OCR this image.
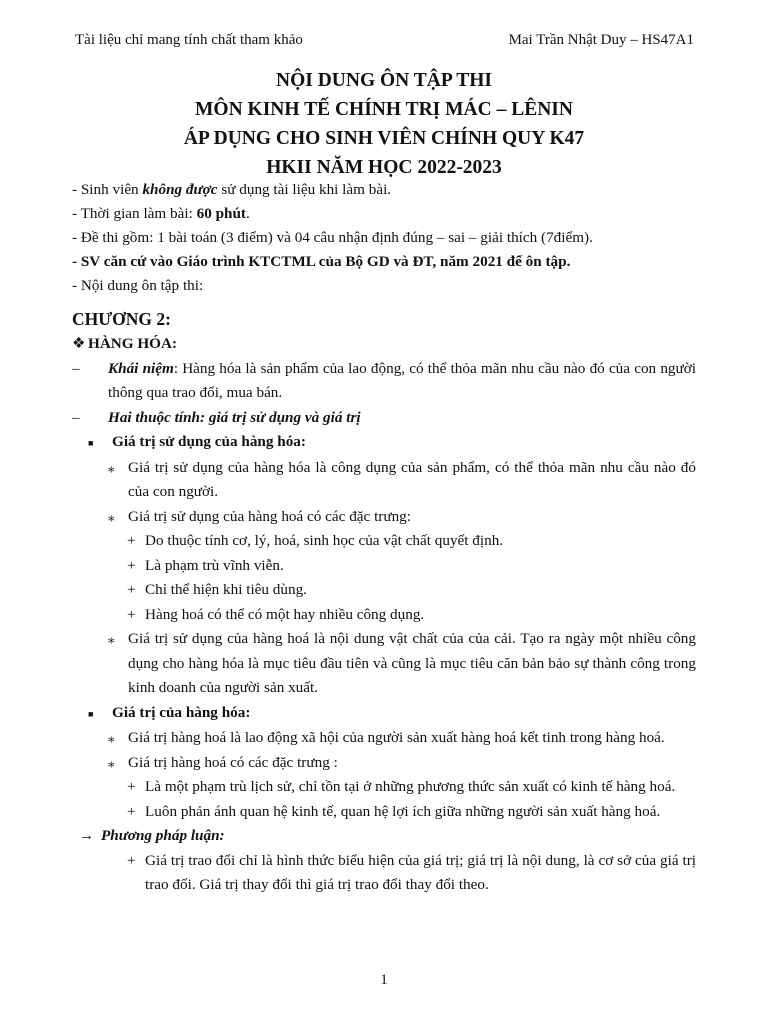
Tài liệu chỉ mang tính chất tham khảo	Mai Trần Nhật Duy – HS47A1
NỘI DUNG ÔN TẬP THI
MÔN KINH TẾ CHÍNH TRỊ MÁC – LÊNIN
ÁP DỤNG CHO SINH VIÊN CHÍNH QUY K47
HKII NĂM HỌC 2022-2023
- Sinh viên không được sử dụng tài liệu khi làm bài.
- Thời gian làm bài: 60 phút.
- Đề thi gồm: 1 bài toán (3 điểm) và 04 câu nhận định đúng – sai – giải thích (7điểm).
- SV căn cứ vào Giáo trình KTCTML của Bộ GD và ĐT, năm 2021 để ôn tập.
- Nội dung ôn tập thi:
CHƯƠNG 2:
❖ HÀNG HÓA:
–	Khái niệm: Hàng hóa là sản phẩm của lao động, có thể thỏa mãn nhu cầu nào đó của con người thông qua trao đổi, mua bán.
–	Hai thuộc tính: giá trị sử dụng và giá trị
■	Giá trị sử dụng của hàng hóa:
⁎ Giá trị sử dụng của hàng hóa là công dụng của sản phẩm, có thể thỏa mãn nhu cầu nào đó của con người.
⁎ Giá trị sử dụng của hàng hoá có các đặc trưng:
+ Do thuộc tính cơ, lý, hoá, sinh học của vật chất quyết định.
+ Là phạm trù vĩnh viễn.
+ Chỉ thể hiện khi tiêu dùng.
+ Hàng hoá có thể có một hay nhiều công dụng.
⁎ Giá trị sử dụng của hàng hoá là nội dung vật chất của của cải. Tạo ra ngày một nhiều công dụng cho hàng hóa là mục tiêu đầu tiên và cũng là mục tiêu căn bản bảo sự thành công trong kinh doanh của người sản xuất.
■	Giá trị của hàng hóa:
⁎ Giá trị hàng hoá là lao động xã hội của người sản xuất hàng hoá kết tinh trong hàng hoá.
⁎ Giá trị hàng hoá có các đặc trưng :
+ Là một phạm trù lịch sử, chỉ tồn tại ở những phương thức sản xuất có kinh tế hàng hoá.
+ Luôn phản ánh quan hệ kinh tế, quan hệ lợi ích giữa những người sản xuất hàng hoá.
→ Phương pháp luận:
+ Giá trị trao đổi chỉ là hình thức biểu hiện của giá trị; giá trị là nội dung, là cơ sở của giá trị trao đổi. Giá trị thay đổi thì giá trị trao đổi thay đổi theo.
1
